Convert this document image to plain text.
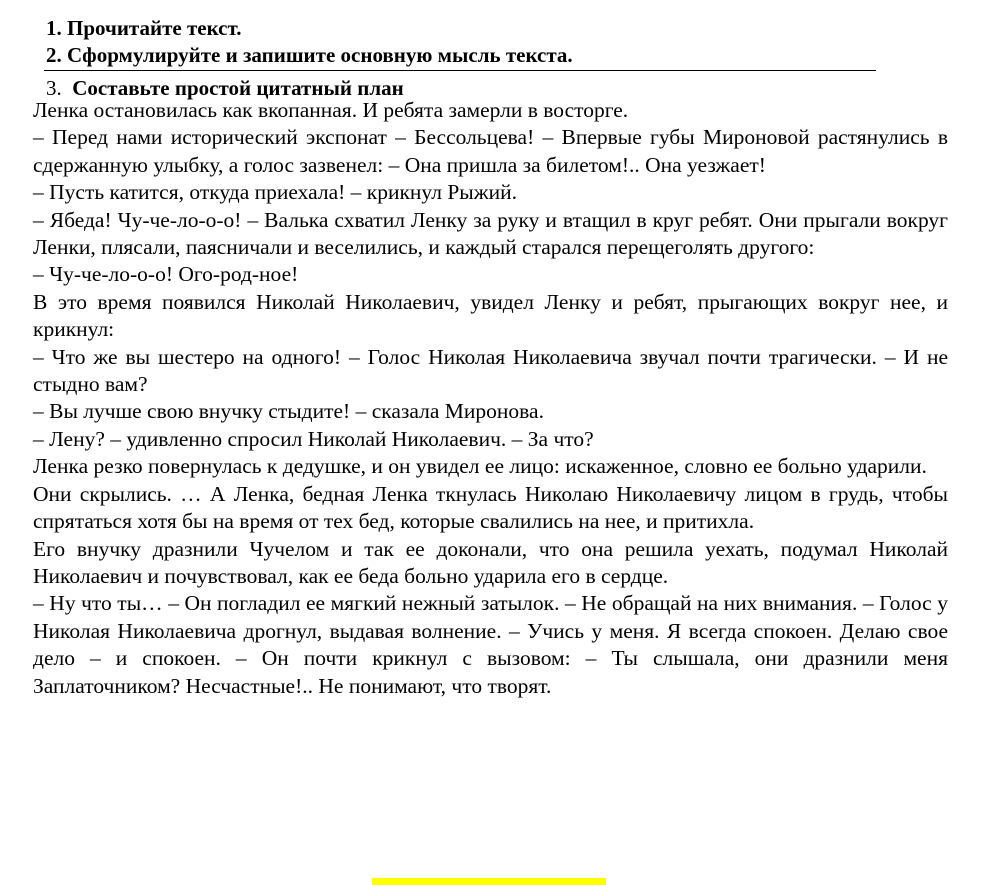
1. Прочитайте текст.
2. Сформулируйте и запишите основную мысль текста.
3. Составьте простой цитатный план

Ленка остановилась как вкопанная. И ребята замерли в восторге.

– Перед нами исторический экспонат – Бессольцева! – Впервые губы Мироновой растянулись в сдержанную улыбку, а голос зазвенел: – Она пришла за билетом!.. Она уезжает!

– Пусть катится, откуда приехала! – крикнул Рыжий.

– Ябеда! Чу-че-ло-о-о! – Валька схватил Ленку за руку и втащил в круг ребят. Они прыгали вокруг Ленки, плясали, паясничали и веселились, и каждый старался перещеголять другого:

– Чу-че-ло-о-о! Ого-род-ное!

В это время появился Николай Николаевич, увидел Ленку и ребят, прыгающих вокруг нее, и крикнул:

– Что же вы шестеро на одного! – Голос Николая Николаевича звучал почти трагически. – И не стыдно вам?

– Вы лучше свою внучку стыдите! – сказала Миронова.

– Лену? – удивленно спросил Николай Николаевич. – За что?

Ленка резко повернулась к дедушке, и он увидел ее лицо: искаженное, словно ее больно ударили.

Они скрылись. … А Ленка, бедная Ленка ткнулась Николаю Николаевичу лицом в грудь, чтобы спрятаться хотя бы на время от тех бед, которые свалились на нее, и притихла.

Его внучку дразнили Чучелом и так ее доконали, что она решила уехать, подумал Николай Николаевич и почувствовал, как ее беда больно ударила его в сердце.

– Ну что ты… – Он погладил ее мягкий нежный затылок. – Не обращай на них внимания. – Голос у Николая Николаевича дрогнул, выдавая волнение. – Учись у меня. Я всегда спокоен. Делаю свое дело – и спокоен. – Он почти крикнул с вызовом: – Ты слышала, они дразнили меня Заплаточником? Несчастные!.. Не понимают, что творят.
